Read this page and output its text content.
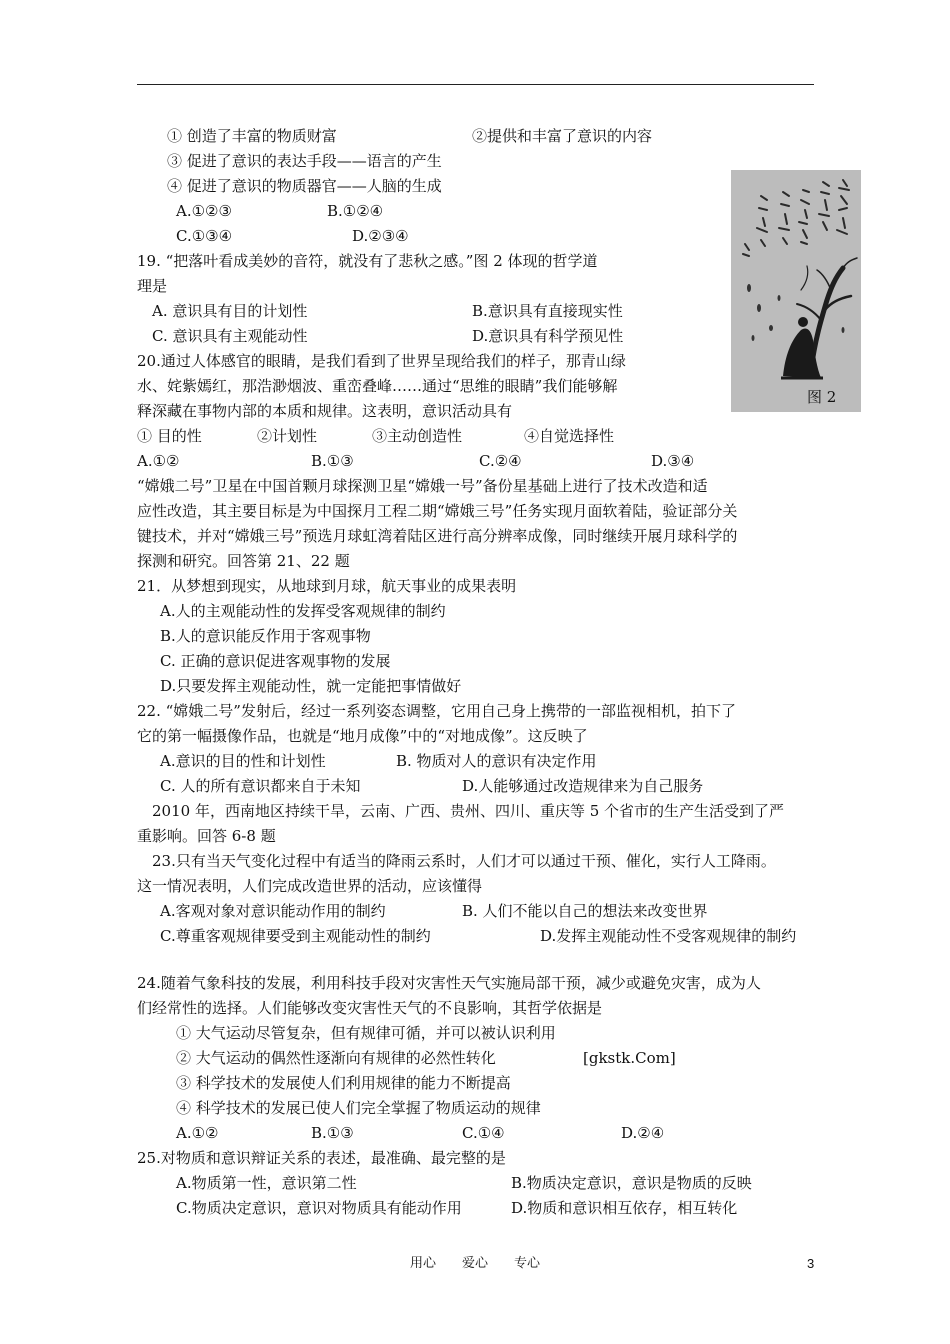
① 创造了丰富的物质财富	②提供和丰富了意识的内容
③ 促进了意识的表达手段——语言的产生
④ 促进了意识的物质器官——人脑的生成
A.①②③	B.①②④
C.①③④	D.②③④
图 2
19. “把落叶看成美妙的音符，就没有了悲秋之感。”图 2 体现的哲学道
理是
A. 意识具有目的计划性	B.意识具有直接现实性
C. 意识具有主观能动性	D.意识具有科学预见性
20.通过人体感官的眼睛，是我们看到了世界呈现给我们的样子，那青山绿
水、姹紫嫣红，那浩渺烟波、重峦叠峰……通过“思维的眼睛”我们能够解
释深藏在事物内部的本质和规律。这表明，意识活动具有
① 目的性	②计划性	③主动创造性	④自觉选择性
A.①②	B.①③	C.②④	D.③④
“嫦娥二号”卫星在中国首颗月球探测卫星“嫦娥一号”备份星基础上进行了技术改造和适
应性改造，其主要目标是为中国探月工程二期“嫦娥三号”任务实现月面软着陆，验证部分关
键技术，并对“嫦娥三号”预选月球虹湾着陆区进行高分辨率成像，同时继续开展月球科学的
探测和研究。回答第 21、22 题
21．从梦想到现实，从地球到月球，航天事业的成果表明
A.人的主观能动性的发挥受客观规律的制约
B.人的意识能反作用于客观事物
C. 正确的意识促进客观事物的发展
D.只要发挥主观能动性，就一定能把事情做好
22. “嫦娥二号”发射后，经过一系列姿态调整，它用自己身上携带的一部监视相机，拍下了
它的第一幅摄像作品，也就是“地月成像”中的“对地成像”。这反映了
A.意识的目的性和计划性	B. 物质对人的意识有决定作用
C. 人的所有意识都来自于未知	D.人能够通过改造规律来为自己服务
2010 年，西南地区持续干旱，云南、广西、贵州、四川、重庆等 5 个省市的生产生活受到了严
重影响。回答 6-8 题
23.只有当天气变化过程中有适当的降雨云系时，人们才可以通过干预、催化，实行人工降雨。
这一情况表明，人们完成改造世界的活动，应该懂得
A.客观对象对意识能动作用的制约	B. 人们不能以自己的想法来改变世界
C.尊重客观规律要受到主观能动性的制约	D.发挥主观能动性不受客观规律的制约
24.随着气象科技的发展，利用科技手段对灾害性天气实施局部干预，减少或避免灾害，成为人
们经常性的选择。人们能够改变灾害性天气的不良影响，其哲学依据是
① 大气运动尽管复杂，但有规律可循，并可以被认识利用
② 大气运动的偶然性逐渐向有规律的必然性转化	[gkstk.Com]
③ 科学技术的发展使人们利用规律的能力不断提高
④ 科学技术的发展已使人们完全掌握了物质运动的规律
A.①②	B.①③	C.①④	D.②④
25.对物质和意识辩证关系的表述，最准确、最完整的是
A.物质第一性，意识第二性	B.物质决定意识，意识是物质的反映
C.物质决定意识，意识对物质具有能动作用	D.物质和意识相互依存，相互转化
用心　　爱心　　专心	3
